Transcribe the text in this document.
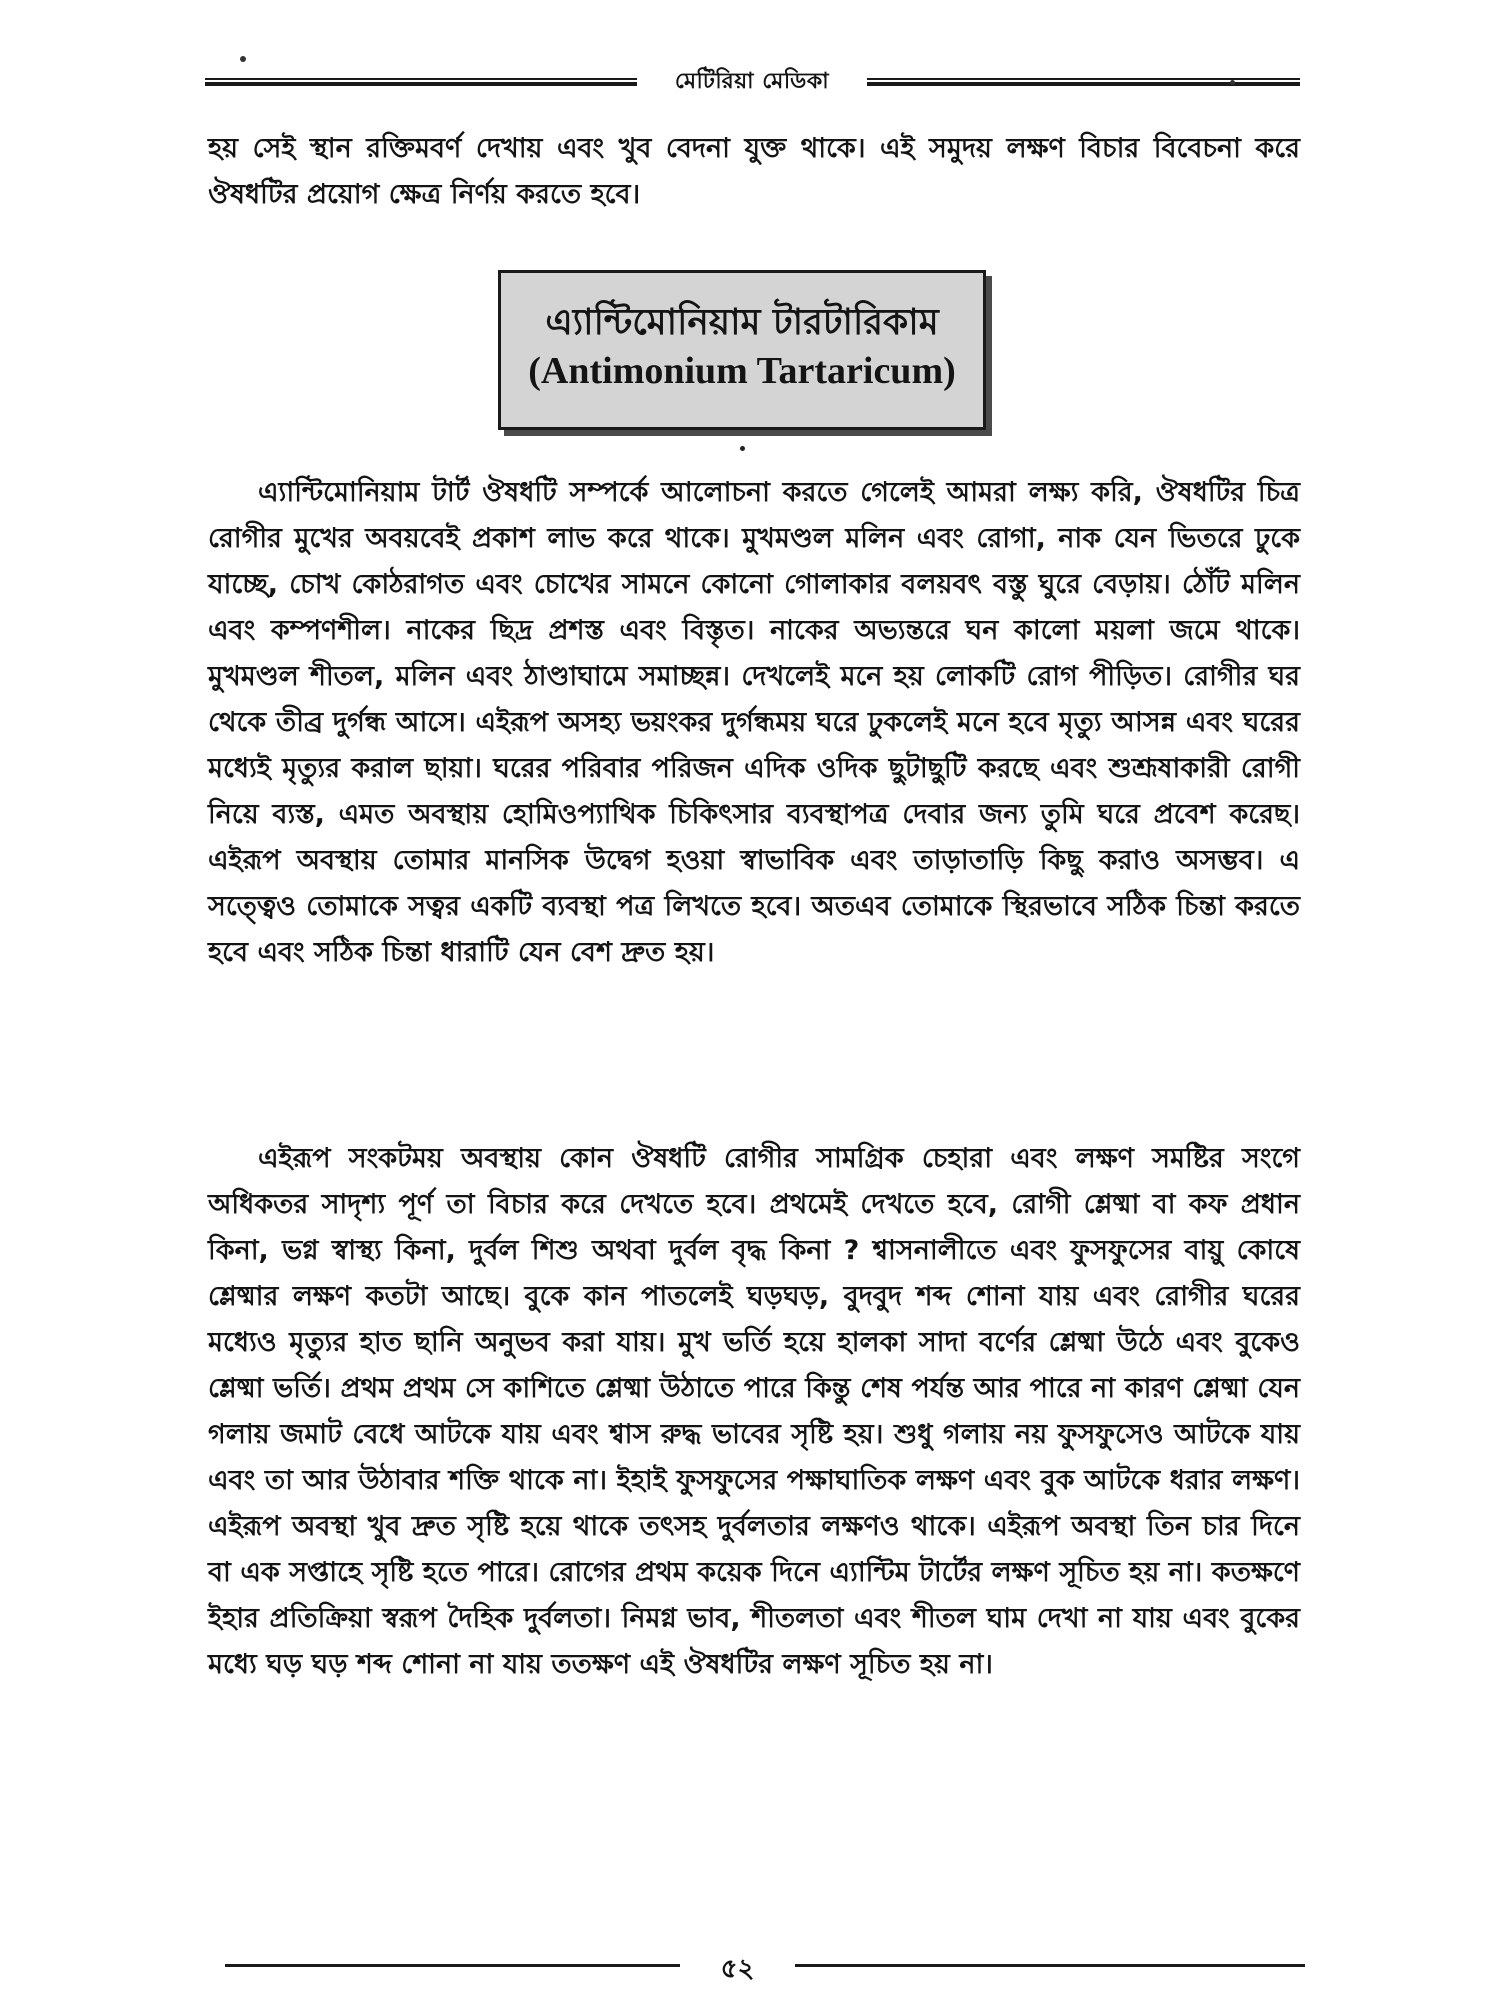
মেটিরিয়া মেডিকা
হয় সেই স্থান রক্তিমবর্ণ দেখায় এবং খুব বেদনা যুক্ত থাকে। এই সমুদয় লক্ষণ বিচার বিবেচনা করে ঔষধটির প্রয়োগ ক্ষেত্র নির্ণয় করতে হবে।
এ্যান্টিমোনিয়াম টারটারিকাম
(Antimonium Tartaricum)
এ্যান্টিমোনিয়াম টার্ট ঔষধটি সম্পর্কে আলোচনা করতে গেলেই আমরা লক্ষ্য করি, ঔষধটির চিত্র রোগীর মুখের অবয়বেই প্রকাশ লাভ করে থাকে। মুখমণ্ডল মলিন এবং রোগা, নাক যেন ভিতরে ঢুকে যাচ্ছে, চোখ কোঠরাগত এবং চোখের সামনে কোনো গোলাকার বলয়বৎ বস্তু ঘুরে বেড়ায়। ঠোঁট মলিন এবং কম্পণশীল। নাকের ছিদ্র প্রশস্ত এবং বিস্তৃত। নাকের অভ্যন্তরে ঘন কালো ময়লা জমে থাকে। মুখমণ্ডল শীতল, মলিন এবং ঠাণ্ডাঘামে সমাচ্ছন্ন। দেখলেই মনে হয় লোকটি রোগ পীড়িত। রোগীর ঘর থেকে তীব্র দুর্গন্ধ আসে। এইরূপ অসহ্য ভয়ংকর দুর্গন্ধময় ঘরে ঢুকলেই মনে হবে মৃত্যু আসন্ন এবং ঘরের মধ্যেই মৃত্যুর করাল ছায়া। ঘরের পরিবার পরিজন এদিক ওদিক ছুটাছুটি করছে এবং শুশ্রূষাকারী রোগী নিয়ে ব্যস্ত, এমত অবস্থায় হোমিওপ্যাথিক চিকিৎসার ব্যবস্থাপত্র দেবার জন্য তুমি ঘরে প্রবেশ করেছ। এইরূপ অবস্থায় তোমার মানসিক উদ্বেগ হওয়া স্বাভাবিক এবং তাড়াতাড়ি কিছু করাও অসম্ভব। এ সত্ত্বেও তোমাকে সত্বর একটি ব্যবস্থা পত্র লিখতে হবে। অতএব তোমাকে স্থিরভাবে সঠিক চিন্তা করতে হবে এবং সঠিক চিন্তা ধারাটি যেন বেশ দ্রুত হয়।
এইরূপ সংকটময় অবস্থায় কোন ঔষধটি রোগীর সামগ্রিক চেহারা এবং লক্ষণ সমষ্টির সংগে অধিকতর সাদৃশ্য পূর্ণ তা বিচার করে দেখতে হবে। প্রথমেই দেখতে হবে, রোগী শ্লেষ্মা বা কফ প্রধান কিনা, ভগ্ন স্বাস্থ্য কিনা, দুর্বল শিশু অথবা দুর্বল বৃদ্ধ কিনা ? শ্বাসনালীতে এবং ফুসফুসের বায়ু কোষে শ্লেষ্মার লক্ষণ কতটা আছে। বুকে কান পাতলেই ঘড়ঘড়, বুদবুদ শব্দ শোনা যায় এবং রোগীর ঘরের মধ্যেও মৃত্যুর হাত ছানি অনুভব করা যায়। মুখ ভর্তি হয়ে হালকা সাদা বর্ণের শ্লেষ্মা উঠে এবং বুকেও শ্লেষ্মা ভর্তি। প্রথম প্রথম সে কাশিতে শ্লেষ্মা উঠাতে পারে কিন্তু শেষ পর্যন্ত আর পারে না কারণ শ্লেষ্মা যেন গলায় জমাট বেধে আটকে যায় এবং শ্বাস রুদ্ধ ভাবের সৃষ্টি হয়। শুধু গলায় নয় ফুসফুসেও আটকে যায় এবং তা আর উঠাবার শক্তি থাকে না। ইহাই ফুসফুসের পক্ষাঘাতিক লক্ষণ এবং বুক আটকে ধরার লক্ষণ। এইরূপ অবস্থা খুব দ্রুত সৃষ্টি হয়ে থাকে তৎসহ দুর্বলতার লক্ষণও থাকে। এইরূপ অবস্থা তিন চার দিনে বা এক সপ্তাহে সৃষ্টি হতে পারে। রোগের প্রথম কয়েক দিনে এ্যান্টিম টার্টের লক্ষণ সূচিত হয় না। কতক্ষণে ইহার প্রতিক্রিয়া স্বরূপ দৈহিক দুর্বলতা। নিমগ্ন ভাব, শীতলতা এবং শীতল ঘাম দেখা না যায় এবং বুকের মধ্যে ঘড় ঘড় শব্দ শোনা না যায় ততক্ষণ এই ঔষধটির লক্ষণ সূচিত হয় না।
৫২
